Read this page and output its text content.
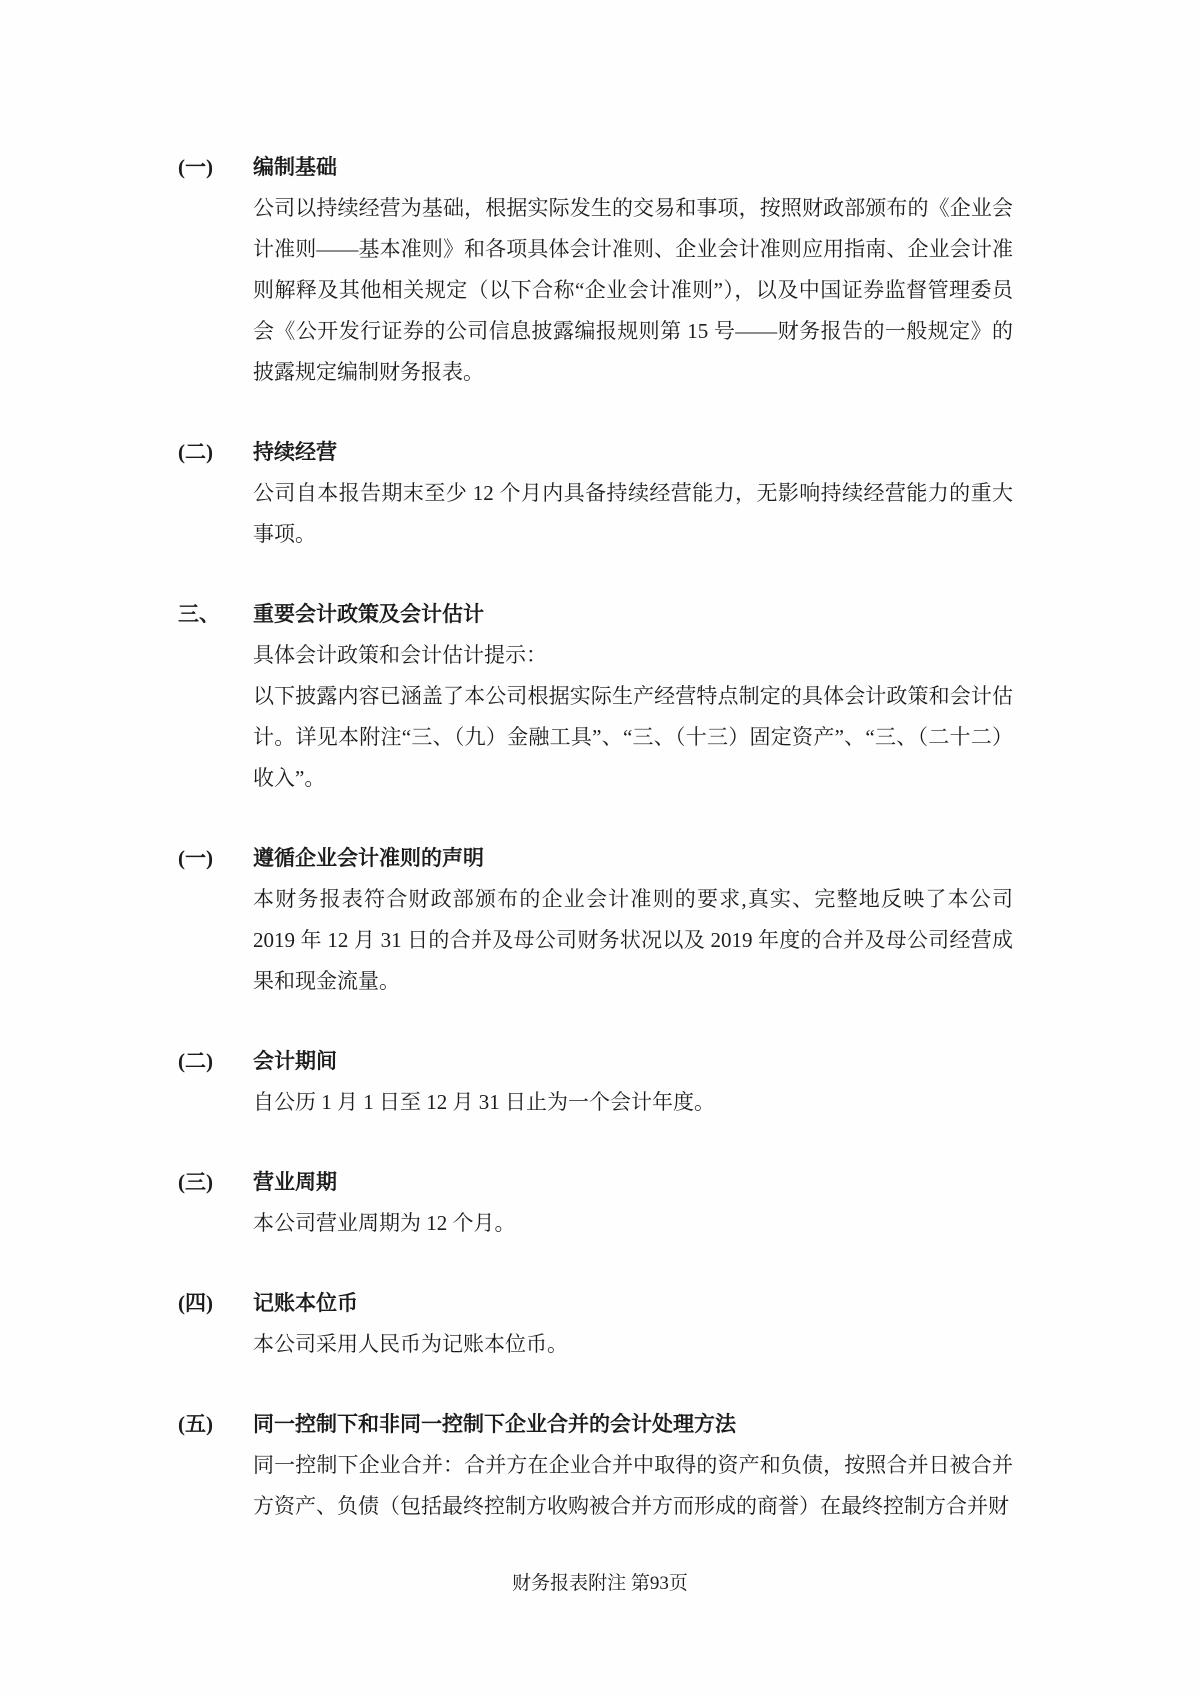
(一)	编制基础

公司以持续经营为基础，根据实际发生的交易和事项，按照财政部颁布的《企业会计准则——基本准则》和各项具体会计准则、企业会计准则应用指南、企业会计准则解释及其他相关规定（以下合称“企业会计准则”），以及中国证券监督管理委员会《公开发行证券的公司信息披露编报规则第 15 号——财务报告的一般规定》的披露规定编制财务报表。

(二)	持续经营

公司自本报告期末至少 12 个月内具备持续经营能力，无影响持续经营能力的重大事项。

三、	重要会计政策及会计估计

具体会计政策和会计估计提示：

以下披露内容已涵盖了本公司根据实际生产经营特点制定的具体会计政策和会计估计。详见本附注“三、（九）金融工具”、“三、（十三）固定资产”、“三、（二十二）收入”。

(一)	遵循企业会计准则的声明

本财务报表符合财政部颁布的企业会计准则的要求,真实、完整地反映了本公司 2019 年 12 月 31 日的合并及母公司财务状况以及 2019 年度的合并及母公司经营成果和现金流量。

(二)	会计期间

自公历 1 月 1 日至 12 月 31 日止为一个会计年度。

(三)	营业周期

本公司营业周期为 12 个月。

(四)	记账本位币

本公司采用人民币为记账本位币。

(五)	同一控制下和非同一控制下企业合并的会计处理方法

同一控制下企业合并：合并方在企业合并中取得的资产和负债，按照合并日被合并方资产、负债（包括最终控制方收购被合并方而形成的商誉）在最终控制方合并财

财务报表附注 第93页
